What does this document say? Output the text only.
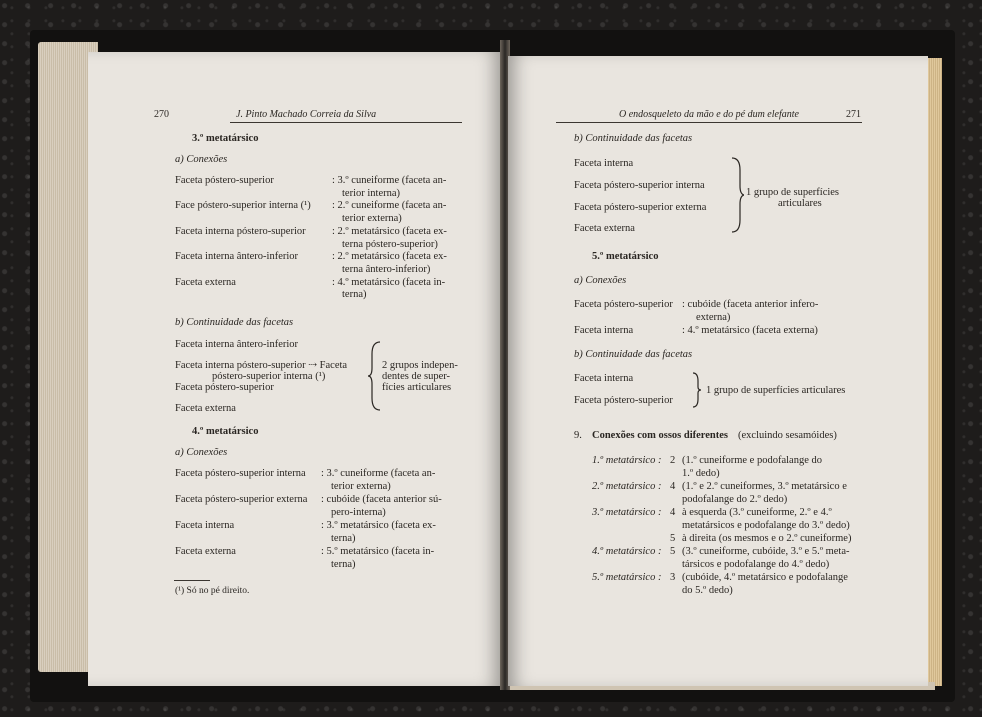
270	J. Pinto Machado Correia da Silva
3.º metatársico
a) Conexões
Faceta póstero-superior	: 3.º cuneiforme (faceta an-
terior interna)
Face póstero-superior interna (¹) : 2.º cuneiforme (faceta an-
terior externa)
Faceta interna póstero-superior	: 2.º metatársico (faceta ex-
terna póstero-superior)
Faceta interna ântero-inferior	: 2.º metatársico (faceta ex-
terna ântero-inferior)
Faceta externa	: 4.º metatársico (faceta in-
terna)
b) Continuidade das facetas
Faceta interna ântero-inferior
Faceta interna póstero-superior ⇢ Faceta
póstero-superior interna (¹)
Faceta póstero-superior
Faceta externa
2 grupos indepen-
dentes de super-
fícies articulares
4.º metatársico
a) Conexões
Faceta póstero-superior interna : 3.º cuneiforme (faceta an-
terior externa)
Faceta póstero-superior externa : cubóide (faceta anterior sú-
pero-interna)
Faceta interna	: 3.º metatársico (faceta ex-
terna)
Faceta externa	: 5.º metatársico (faceta in-
terna)
(¹) Só no pé direito.
O endosqueleto da mão e do pé dum elefante	271
b) Continuidade das facetas
Faceta interna
Faceta póstero-superior interna
Faceta póstero-superior externa
Faceta externa
1 grupo de superfícies
articulares
5.º metatársico
a) Conexões
Faceta póstero-superior : cubóide (faceta anterior infero-
externa)
Faceta interna	: 4.º metatársico (faceta externa)
b) Continuidade das facetas
Faceta interna
Faceta póstero-superior
1 grupo de superfícies articulares
9. Conexões com ossos diferentes (excluindo sesamóides)
1.º metatársico : 2 (1.º cuneiforme e podofalange do
1.º dedo)
2.º metatársico : 4 (1.º e 2.º cuneiformes, 3.º metatársico e
podofalange do 2.º dedo)
3.º metatársico : 4 à esquerda (3.º cuneiforme, 2.º e 4.º
metatársicos e podofalange do 3.º dedo)
5 à direita (os mesmos e o 2.º cuneiforme)
4.º metatársico : 5 (3.º cuneiforme, cubóide, 3.º e 5.º meta-
társicos e podofalange do 4.º dedo)
5.º metatársico : 3 (cubóide, 4.º metatársico e podofalange
do 5.º dedo)
